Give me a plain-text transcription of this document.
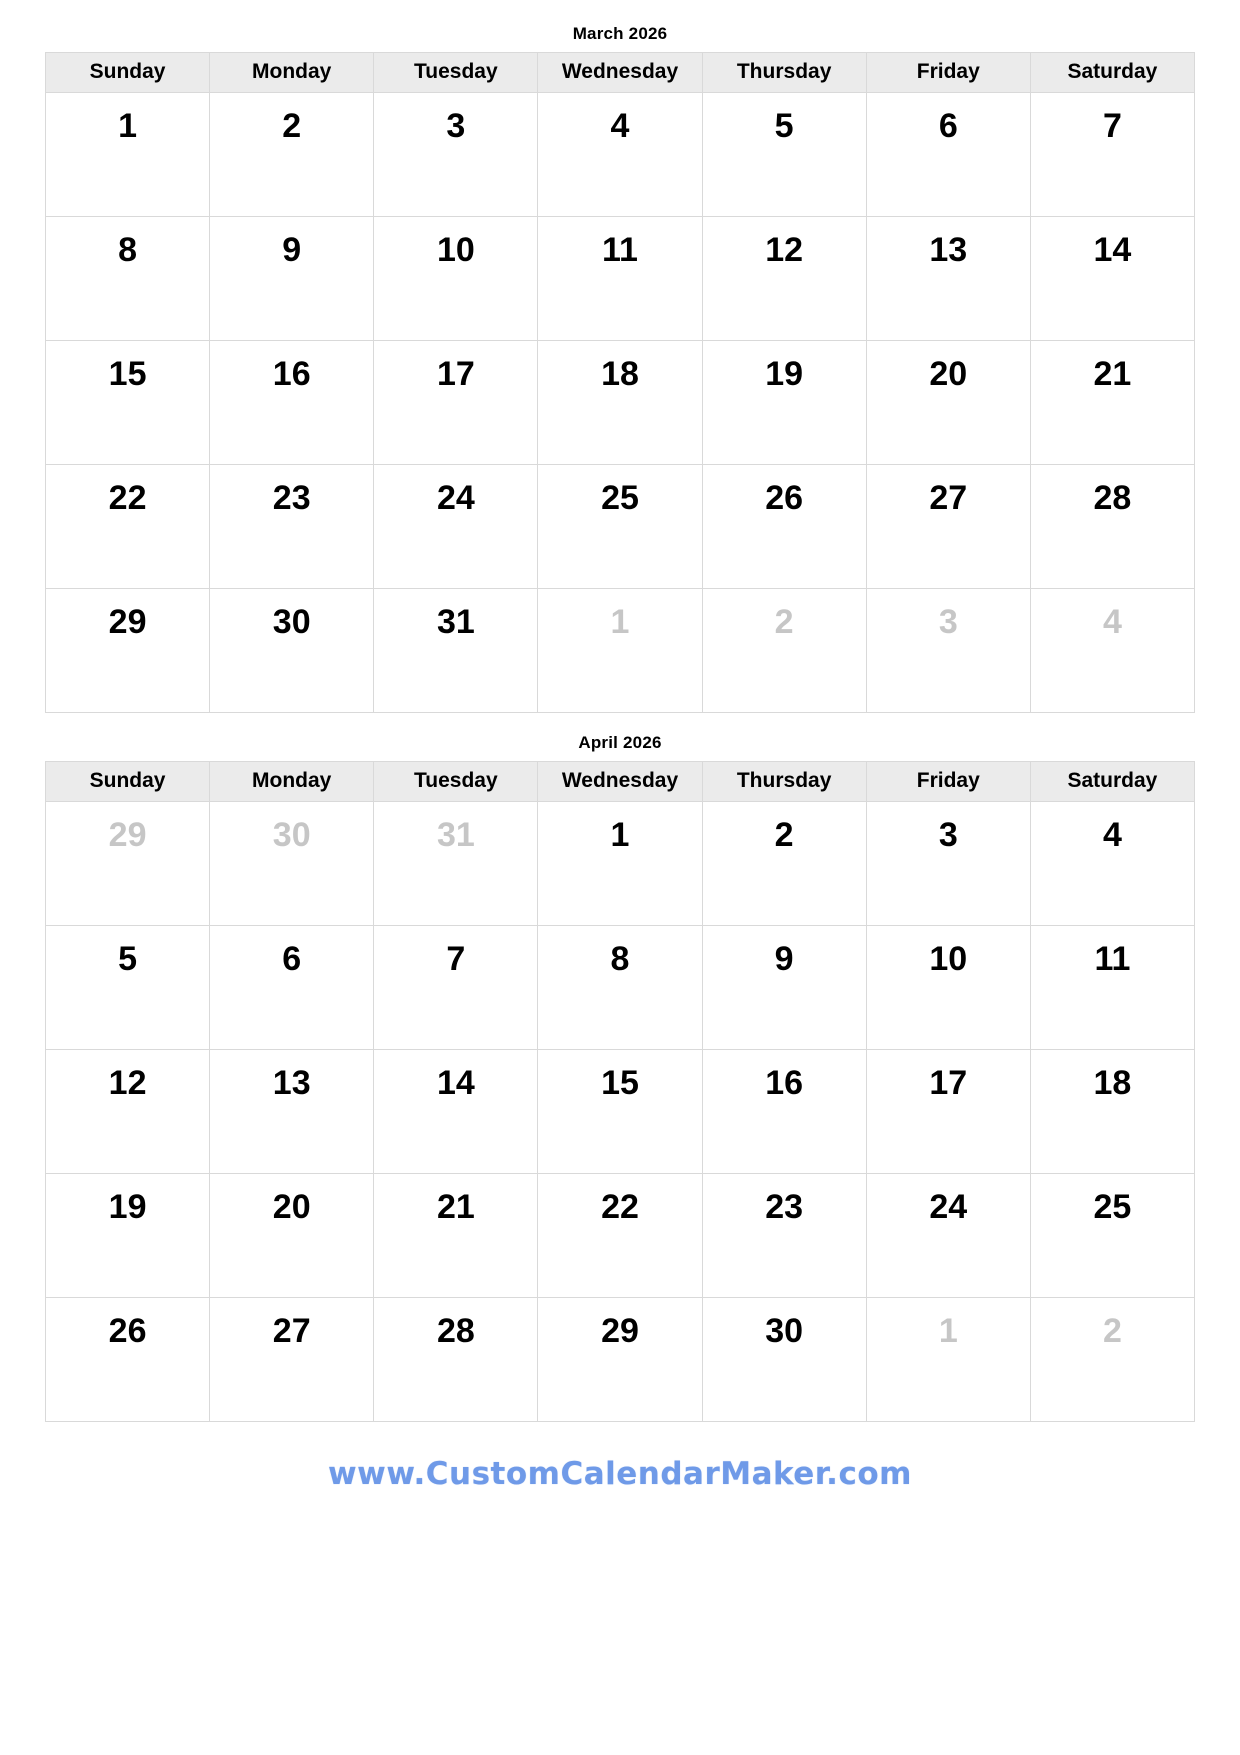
March 2026
Sunday	Monday	Tuesday	Wednesday	Thursday	Friday	Saturday
1	2	3	4	5	6	7
8	9	10	11	12	13	14
15	16	17	18	19	20	21
22	23	24	25	26	27	28
29	30	31	1	2	3	4
April 2026
Sunday	Monday	Tuesday	Wednesday	Thursday	Friday	Saturday
29	30	31	1	2	3	4
5	6	7	8	9	10	11
12	13	14	15	16	17	18
19	20	21	22	23	24	25
26	27	28	29	30	1	2
www.CustomCalendarMaker.com
